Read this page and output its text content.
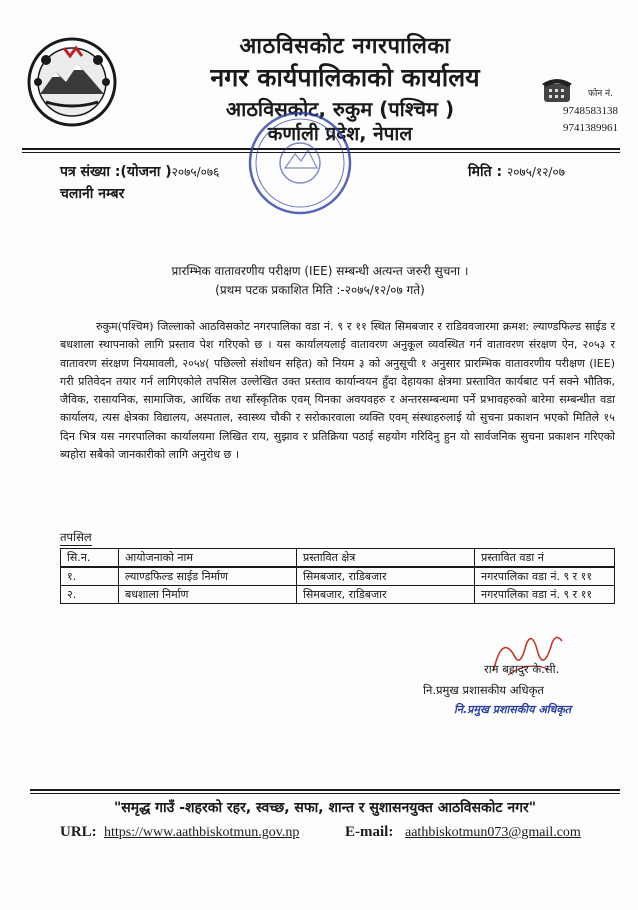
आठविसकोट नगरपालिका
नगर कार्यपालिकाको कार्यालय
आठविसकोट, रुकुम (पश्चिम )
कर्णाली प्रदेश, नेपाल
फोन नं.
9748583138
9741389961
पत्र संख्या :(योजना )२०७५/०७६	मिति : २०७५/१२/०७
चलानी नम्बर
प्रारम्भिक वातावरणीय परीक्षण (IEE) सम्बन्धी अत्यन्त जरुरी सुचना ।
(प्रथम पटक प्रकाशित मिति :-२०७५/१२/०७ गते)
रुकुम(पश्चिम) जिल्लाको आठविसकोट नगरपालिका वडा नं. ९ र ११ स्थित सिमबजार र राडिववजारमा क्रमश: ल्याण्डफिल्ड साईड र बधशाला स्थापनाको लागि प्रस्ताव पेश गरिएको छ । यस कार्यालयलाई वातावरण अनुकूल व्यवस्थित गर्न वातावरण संरक्षण ऐन, २०५३ र वातावरण संरक्षण नियमावली, २०५४( पछिल्लो संशोधन सहित) को नियम ३ को अनुसूची १ अनुसार प्रारम्भिक वातावरणीय परीक्षण (IEE) गरी प्रतिवेदन तयार गर्न लागिएकोले तपसिल उल्लेखित उक्त प्रस्ताव कार्यान्वयन हुँदा देहायका क्षेत्रमा प्रस्तावित कार्यबाट पर्न सक्ने भौतिक, जैविक, रासायनिक, सामाजिक, आर्थिक तथा साँस्कृतिक एवम् यिनका अवयवहरु र अन्तरसम्बन्धमा पर्ने प्रभावहरुको बारेमा सम्बन्धीत वडा कार्यालय, त्यस क्षेत्रका विद्यालय, अस्पताल, स्वास्थ्य चौकी र सरोकारवाला व्यक्ति एवम् संस्थाहरुलाई यो सुचना प्रकाशन भएको मितिले १५ दिन भित्र यस नगरपालिका कार्यालयमा लिखित राय, सुझाव र प्रतिक्रिया पठाई सहयोग गरिदिनु हुन यो सार्वजनिक सुचना प्रकाशन गरिएको ब्यहोरा सबैको जानकारीको लागि अनुरोध छ ।
तपसिल
सि.न.	आयोजनाको नाम	प्रस्तावित क्षेत्र	प्रस्तावित वडा नं
१.	ल्याण्डफिल्ड साईड निर्माण	सिमबजार, राडिबजार	नगरपालिका वडा नं. ९ र ११
२.	बधशाला निर्माण	सिमबजार, राडिबजार	नगरपालिका वडा नं. ९ र ११
राम बहादुर के.सी.
नि.प्रमुख प्रशासकीय अधिकृत
नि.प्रमुख प्रशासकीय अधिकृत
"समृद्ध गाउँ -शहरको रहर, स्वच्छ, सफा, शान्त र सुशासनयुक्त आठविसकोट नगर"
URL: https://www.aathbiskotmun.gov.np	E-mail: aathbiskotmun073@gmail.com
